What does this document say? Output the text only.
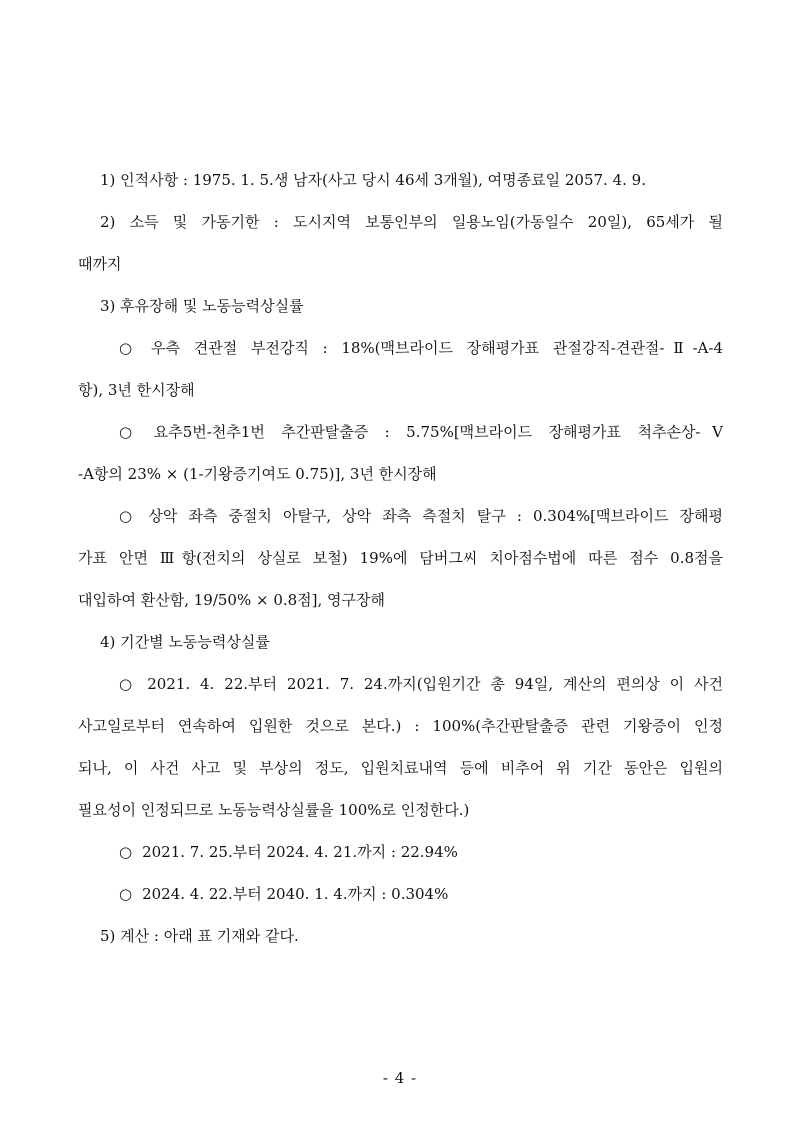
1) 인적사항 : 1975. 1. 5.생 남자(사고 당시 46세 3개월), 여명종료일 2057. 4. 9.
2) 소득 및 가동기한 : 도시지역 보통인부의 일용노임(가동일수 20일), 65세가 될
때까지
3) 후유장해 및 노동능력상실률
○ 우측 견관절 부전강직 : 18%(맥브라이드 장해평가표 관절강직-견관절-Ⅱ-A-4
항), 3년 한시장해
○ 요추5번-천추1번 추간판탈출증 : 5.75%[맥브라이드 장해평가표 척추손상-Ⅴ
-A항의 23% × (1-기왕증기여도 0.75)], 3년 한시장해
○ 상악 좌측 중절치 아탈구, 상악 좌측 측절치 탈구 : 0.304%[맥브라이드 장해평
가표 안면 Ⅲ항(전치의 상실로 보철) 19%에 담버그씨 치아점수법에 따른 점수 0.8점을
대입하여 환산함, 19/50% × 0.8점], 영구장해
4) 기간별 노동능력상실률
○ 2021. 4. 22.부터 2021. 7. 24.까지(입원기간 총 94일, 계산의 편의상 이 사건
사고일로부터 연속하여 입원한 것으로 본다.) : 100%(추간판탈출증 관련 기왕증이 인정
되나, 이 사건 사고 및 부상의 정도, 입원치료내역 등에 비추어 위 기간 동안은 입원의
필요성이 인정되므로 노동능력상실률을 100%로 인정한다.)
○ 2021. 7. 25.부터 2024. 4. 21.까지 : 22.94%
○ 2024. 4. 22.부터 2040. 1. 4.까지 : 0.304%
5) 계산 : 아래 표 기재와 같다.
- 4 -
